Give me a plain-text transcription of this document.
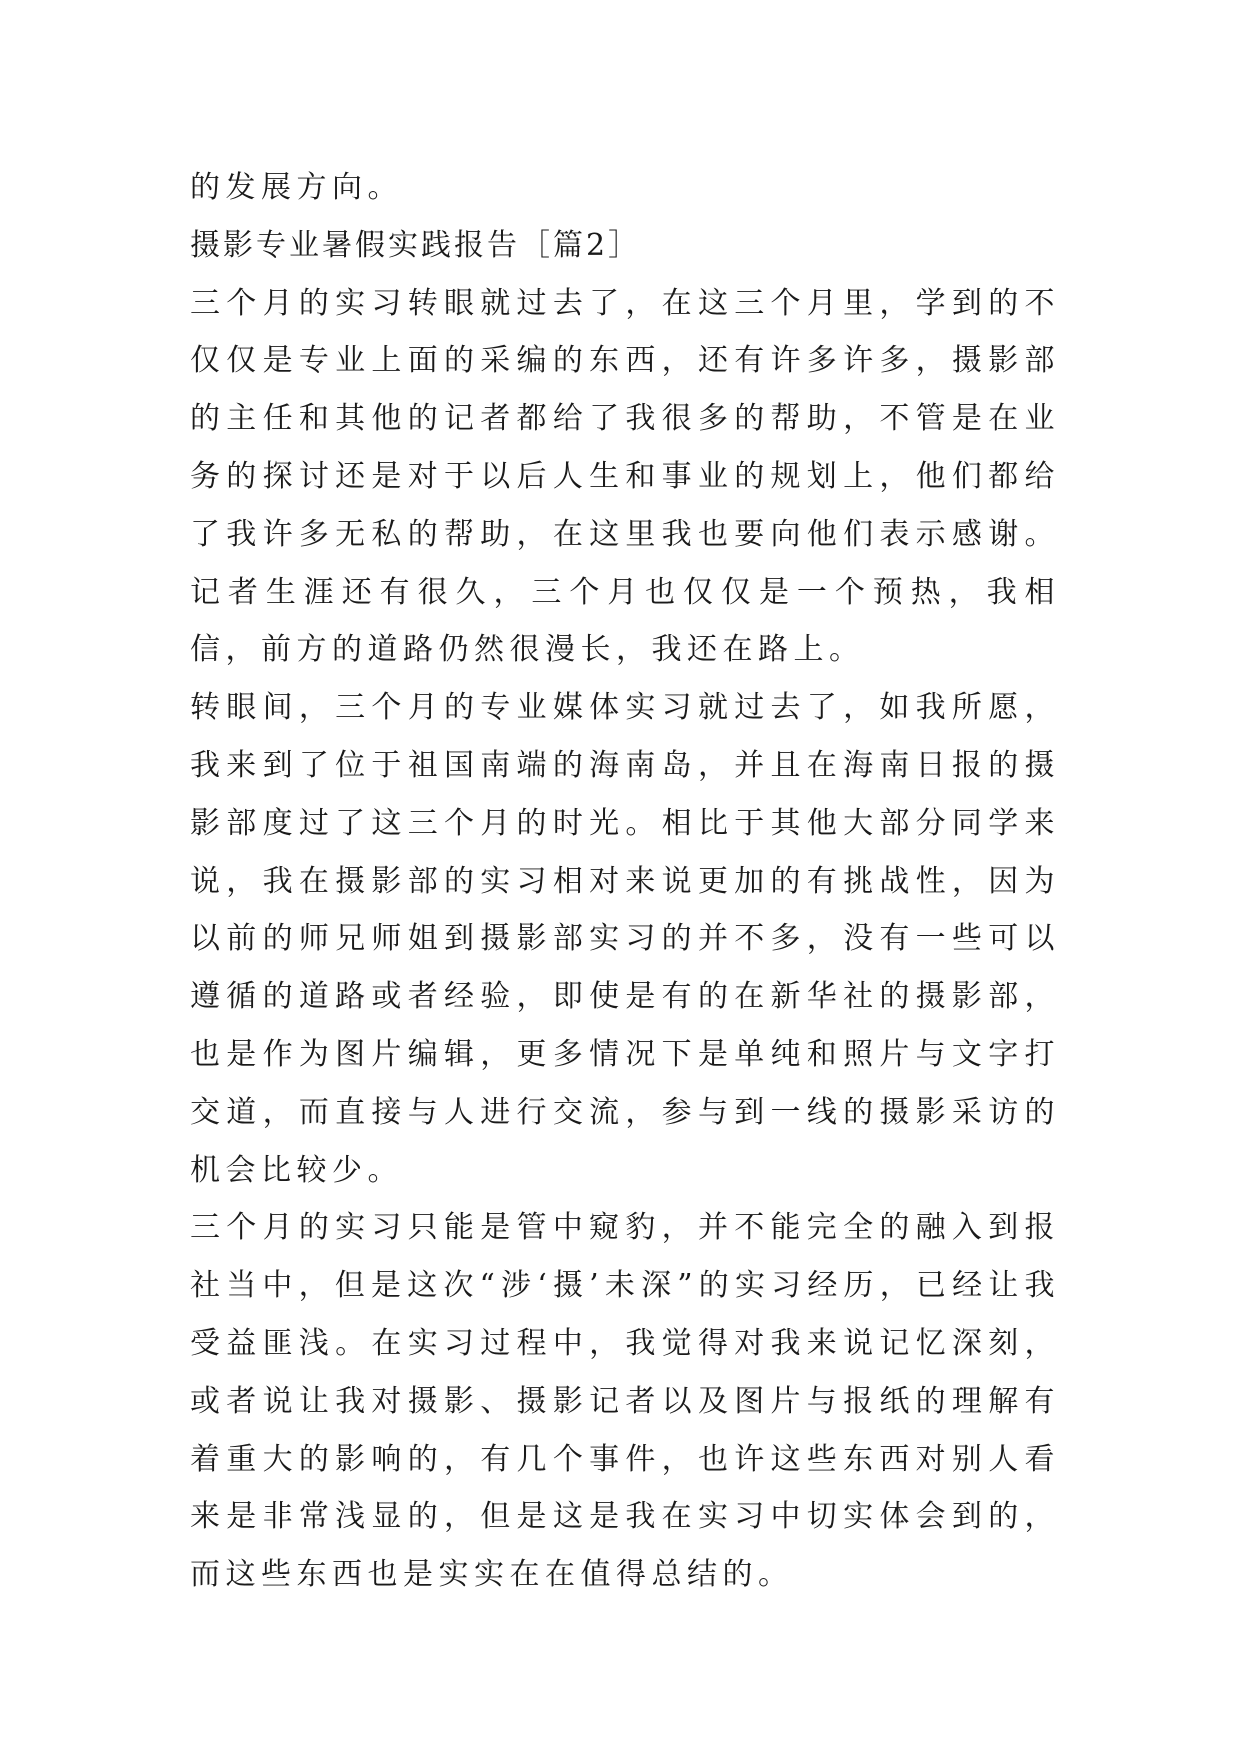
的发展方向。

摄影专业暑假实践报告［篇2］

三个月的实习转眼就过去了，在这三个月里，学到的不仅仅是专业上面的采编的东西，还有许多许多，摄影部的主任和其他的记者都给了我很多的帮助，不管是在业务的探讨还是对于以后人生和事业的规划上，他们都给了我许多无私的帮助，在这里我也要向他们表示感谢。记者生涯还有很久，三个月也仅仅是一个预热，我相信，前方的道路仍然很漫长，我还在路上。

转眼间，三个月的专业媒体实习就过去了，如我所愿，我来到了位于祖国南端的海南岛，并且在海南日报的摄影部度过了这三个月的时光。相比于其他大部分同学来说，我在摄影部的实习相对来说更加的有挑战性，因为以前的师兄师姐到摄影部实习的并不多，没有一些可以遵循的道路或者经验，即使是有的在新华社的摄影部，也是作为图片编辑，更多情况下是单纯和照片与文字打交道，而直接与人进行交流，参与到一线的摄影采访的机会比较少。

三个月的实习只能是管中窥豹，并不能完全的融入到报社当中，但是这次“涉‘摄’未深”的实习经历，已经让我受益匪浅。在实习过程中，我觉得对我来说记忆深刻，或者说让我对摄影、摄影记者以及图片与报纸的理解有着重大的影响的，有几个事件，也许这些东西对别人看来是非常浅显的，但是这是我在实习中切实体会到的，而这些东西也是实实在在值得总结的。
